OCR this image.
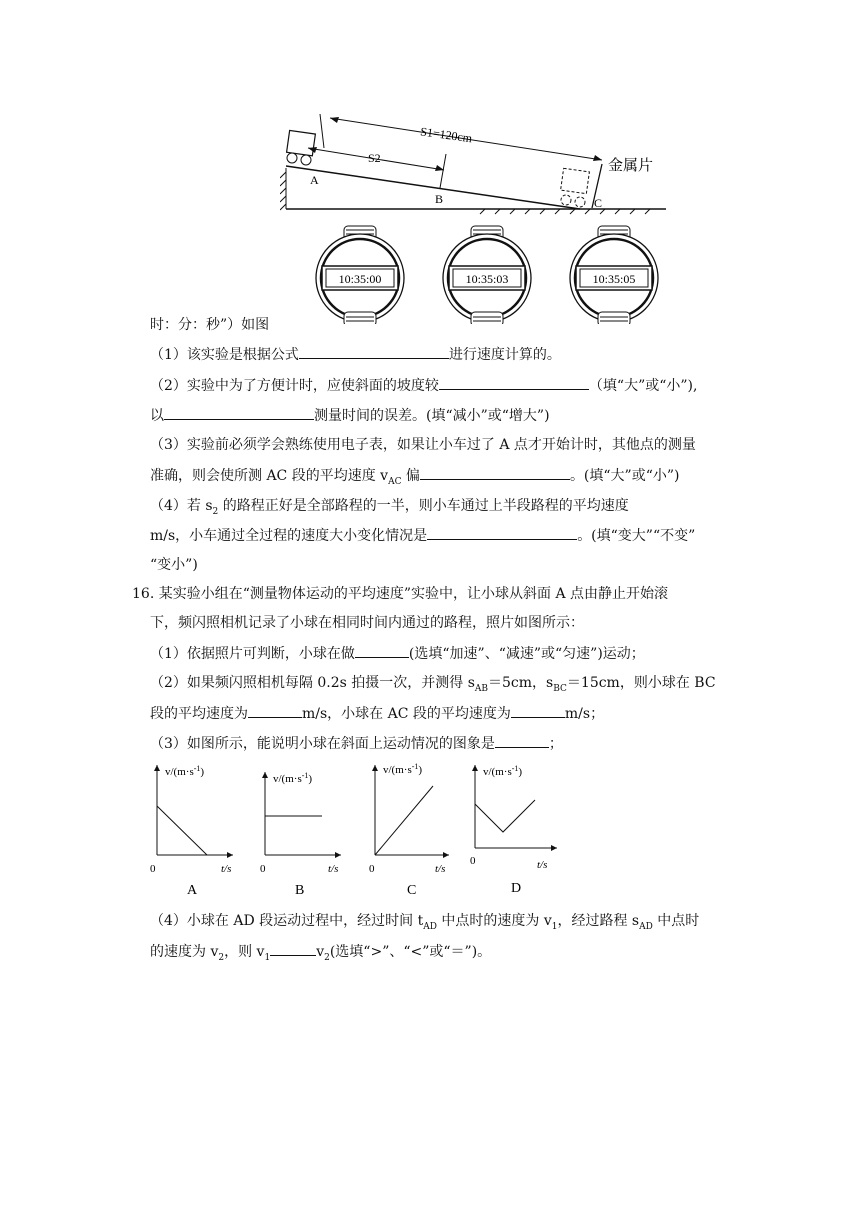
S1=120cm
S2	金属片
A
B	C
10:35:00	10:35:03	10:35:05
时：分：秒”）如图
（1）该实验是根据公式	进行速度计算的。
（2）实验中为了方便计时，应使斜面的坡度较	（填“大”或“小”),
以	测量时间的误差。(填“减小”或“增大”)
（3）实验前必须学会熟练使用电子表，如果让小车过了 A 点才开始计时，其他点的测量
准确，则会使所测 AC 段的平均速度 $v_{AC}$ 偏	。(填“大”或“小”)
（4）若 $s_2$ 的路程正好是全部路程的一半，则小车通过上半段路程的平均速度
m/s，小车通过全过程的速度大小变化情况是	。(填“变大”“不变”
“变小”)
16. 某实验小组在“测量物体运动的平均速度”实验中，让小球从斜面 A 点由静止开始滚
下，频闪照相机记录了小球在相同时间内通过的路程，照片如图所示：
（1）依据照片可判断，小球在做	(选填“加速”、“减速”或“匀速”)运动；
（2）如果频闪照相机每隔 0.2s 拍摄一次，并测得 $s_{AB}=5cm$，$s_{BC}=15cm$，则小球在 BC
段的平均速度为	m/s，小球在 AC 段的平均速度为	m/s；
（3）如图所示，能说明小球在斜面上运动情况的图象是	；
$v/(m\cdot s^{-1})$
0	t/s
A
$v/(m\cdot s^{-1})$
0	t/s
B
$v/(m\cdot s^{-1})$
0	t/s
C
$v/(m\cdot s^{-1})$
0	t/s
D
（4）小球在 AD 段运动过程中，经过时间 $t_{AD}$ 中点时的速度为 $v_1$，经过路程 $s_{AD}$ 中点时
的速度为 $v_2$，则 $v_1$	$v_2$(选填“>”、“<”或“＝”)。
